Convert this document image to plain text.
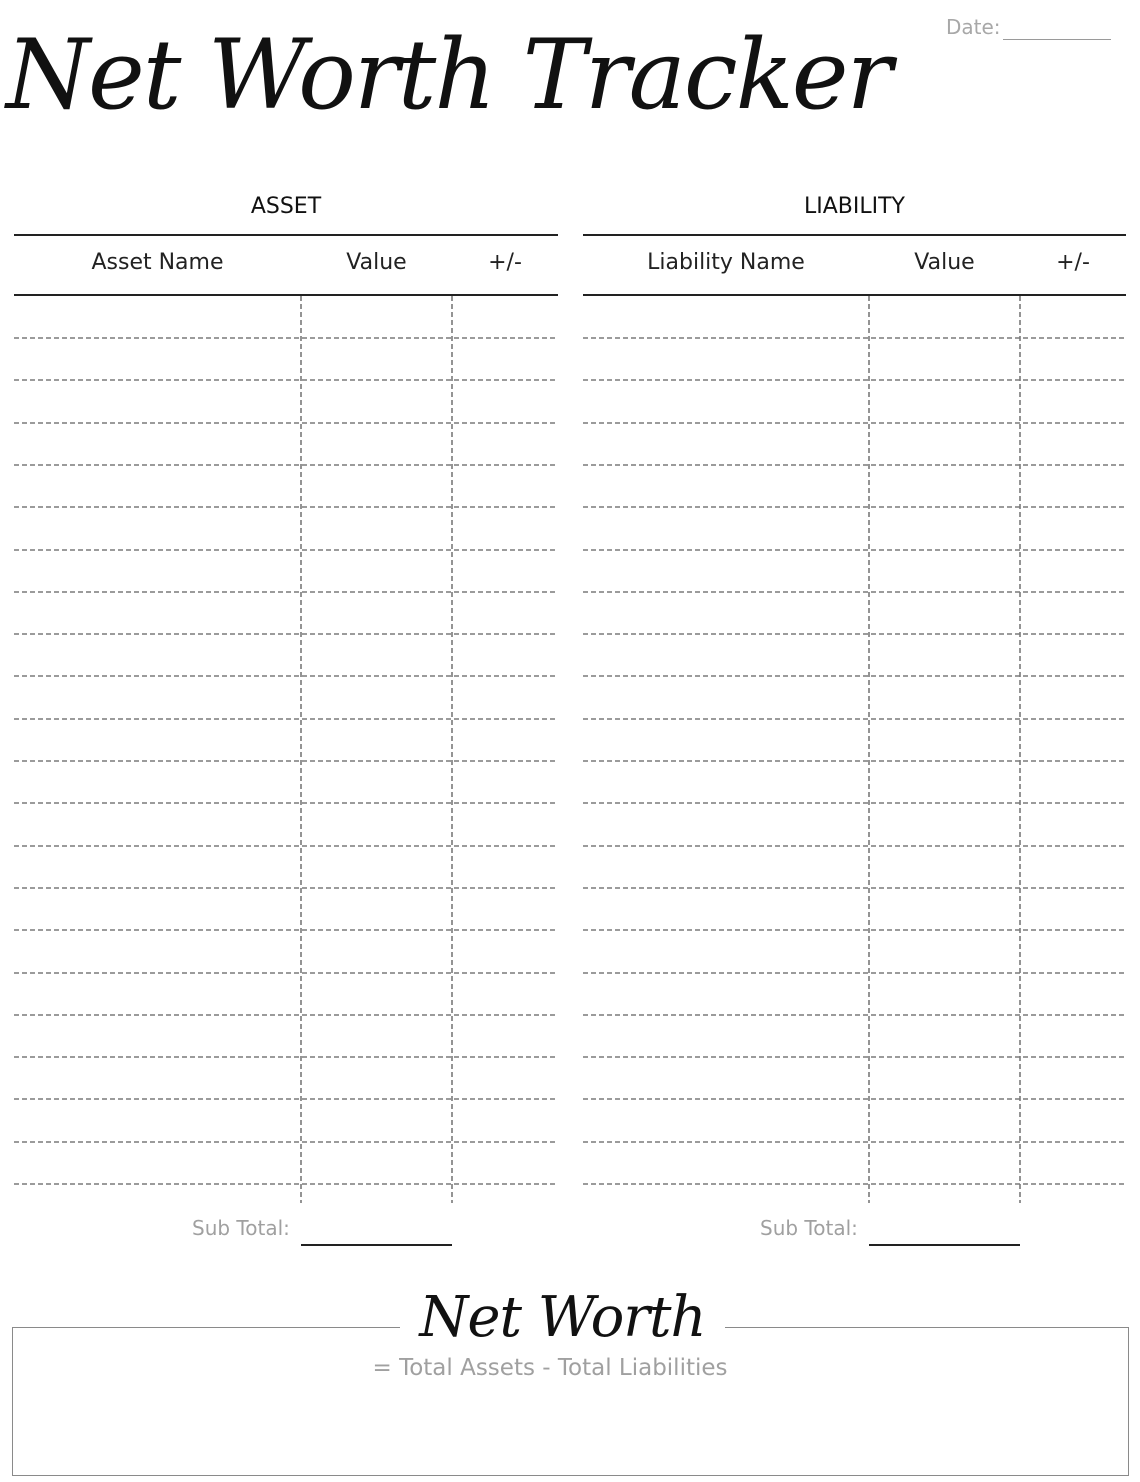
Net Worth Tracker	Date:
ASSET
Asset Name	Value	+/-
LIABILITY
Liability Name	Value	+/-
Sub Total:	Sub Total:
Net Worth
= Total Assets - Total Liabilities
